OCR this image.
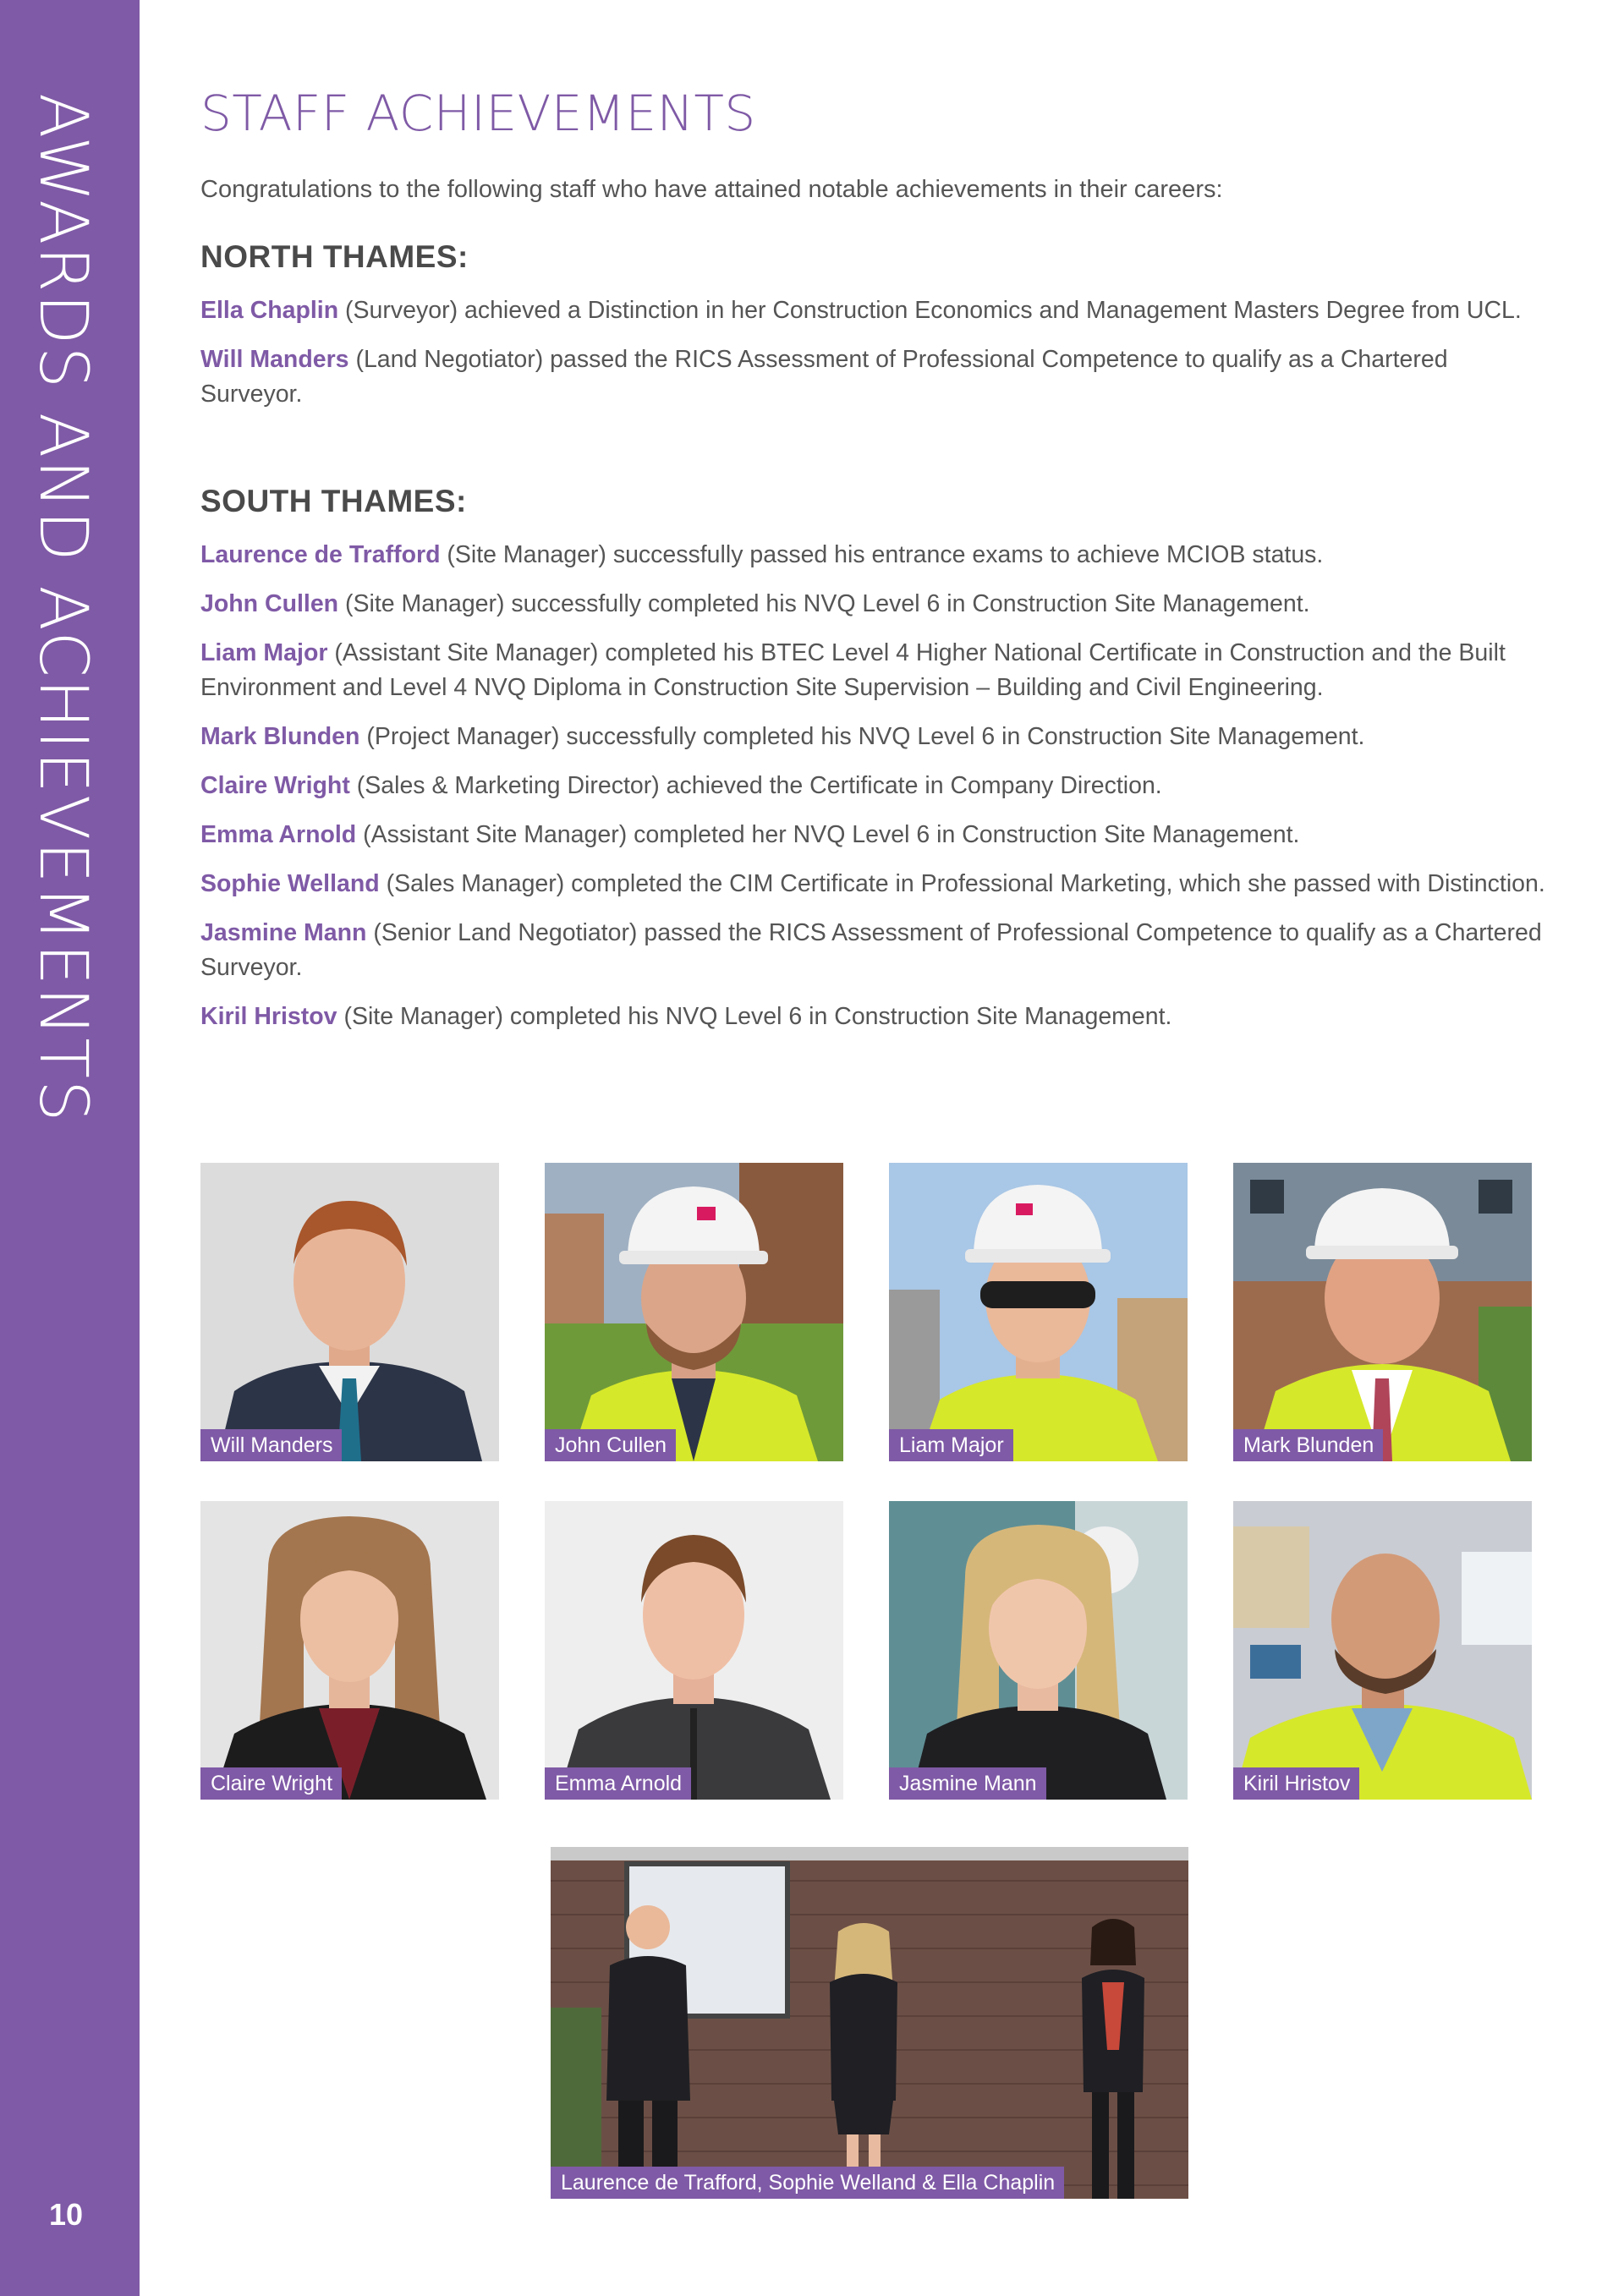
AWARDS AND ACHIEVEMENTS
10
STAFF ACHIEVEMENTS

Congratulations to the following staff who have attained notable achievements in their careers:

NORTH THAMES:

Ella Chaplin (Surveyor) achieved a Distinction in her Construction Economics and Management Masters Degree from UCL.

Will Manders (Land Negotiator) passed the RICS Assessment of Professional Competence to qualify as a Chartered Surveyor.

SOUTH THAMES:

Laurence de Trafford (Site Manager) successfully passed his entrance exams to achieve MCIOB status.

John Cullen (Site Manager) successfully completed his NVQ Level 6 in Construction Site Management.

Liam Major (Assistant Site Manager) completed his BTEC Level 4 Higher National Certificate in Construction and the Built Environment and Level 4 NVQ Diploma in Construction Site Supervision – Building and Civil Engineering.

Mark Blunden (Project Manager) successfully completed his NVQ Level 6 in Construction Site Management.

Claire Wright (Sales & Marketing Director) achieved the Certificate in Company Direction.

Emma Arnold (Assistant Site Manager) completed her NVQ Level 6 in Construction Site Management.

Sophie Welland (Sales Manager) completed the CIM Certificate in Professional Marketing, which she passed with Distinction.

Jasmine Mann (Senior Land Negotiator) passed the RICS Assessment of Professional Competence to qualify as a Chartered Surveyor.

Kiril Hristov (Site Manager) completed his NVQ Level 6 in Construction Site Management.

Will Manders	John Cullen	Liam Major	Mark Blunden
Claire Wright	Emma Arnold	Jasmine Mann	Kiril Hristov
Laurence de Trafford, Sophie Welland & Ella Chaplin
